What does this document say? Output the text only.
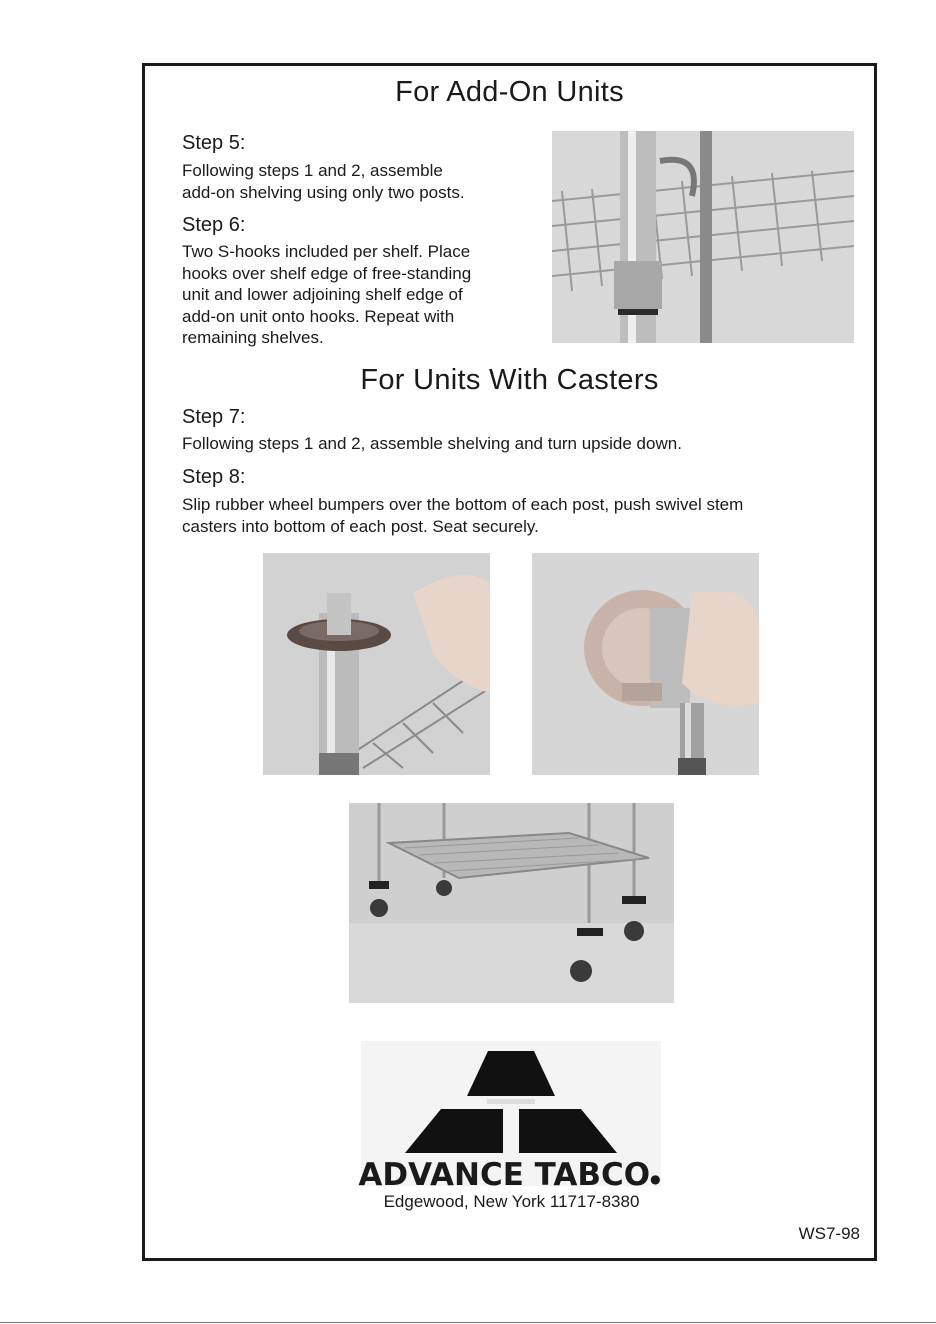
For Add-On Units
Step 5:

Following steps 1 and 2, assemble
add-on shelving using only two posts.

Step 6:

Two S-hooks included per shelf. Place
hooks over shelf edge of free-standing
unit and lower adjoining shelf edge of
add-on unit onto hooks. Repeat with
remaining shelves.

For Units With Casters
Step 7:

Following steps 1 and 2, assemble shelving and turn upside down.

Step 8:

Slip rubber wheel bumpers over the bottom of each post, push swivel stem
casters into bottom of each post. Seat securely.

ADVANCE TABCO●
Edgewood, New York 11717-8380
WS7-98
